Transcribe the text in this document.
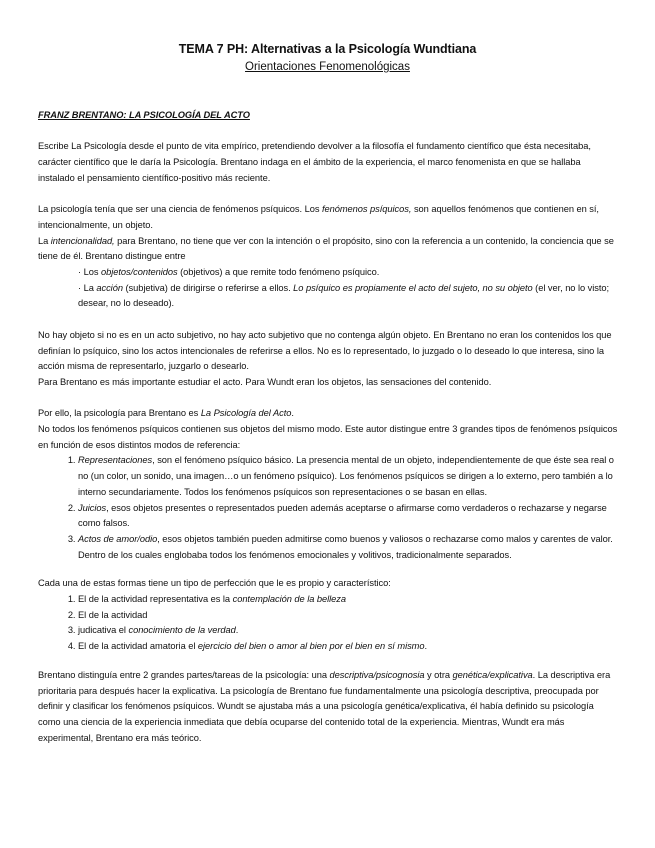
TEMA 7 PH: Alternativas a la Psicología Wundtiana
Orientaciones Fenomenológicas

FRANZ BRENTANO: LA PSICOLOGÍA DEL ACTO

Escribe La Psicología desde el punto de vita empírico, pretendiendo devolver a la filosofía el fundamento científico que ésta necesitaba, carácter científico que le daría la Psicología. Brentano indaga en el ámbito de la experiencia, el marco fenomenista en que se hallaba instalado el pensamiento científico-positivo más reciente.

La psicología tenía que ser una ciencia de fenómenos psíquicos. Los fenómenos psíquicos, son aquellos fenómenos que contienen en sí, intencionalmente, un objeto.

La intencionalidad, para Brentano, no tiene que ver con la intención o el propósito, sino con la referencia a un contenido, la conciencia que se tiene de él. Brentano distingue entre

· Los objetos/contenidos (objetivos) a que remite todo fenómeno psíquico.

· La acción (subjetiva) de dirigirse o referirse a ellos. Lo psíquico es propiamente el acto del sujeto, no su objeto (el ver, no lo visto; desear, no lo deseado).

No hay objeto si no es en un acto subjetivo, no hay acto subjetivo que no contenga algún objeto. En Brentano no eran los contenidos los que definían lo psíquico, sino los actos intencionales de referirse a ellos. No es lo representado, lo juzgado o lo deseado lo que interesa, sino la acción misma de representarlo, juzgarlo o desearlo.

Para Brentano es más importante estudiar el acto. Para Wundt eran los objetos, las sensaciones del contenido.

Por ello, la psicología para Brentano es La Psicología del Acto.

No todos los fenómenos psíquicos contienen sus objetos del mismo modo. Este autor distingue entre 3 grandes tipos de fenómenos psíquicos en función de esos distintos modos de referencia:

1. Representaciones, son el fenómeno psíquico básico. La presencia mental de un objeto, independientemente de que éste sea real o no (un color, un sonido, una imagen…o un fenómeno psíquico). Los fenómenos psíquicos se dirigen a lo externo, pero también a lo interno secundariamente. Todos los fenómenos psíquicos son representaciones o se basan en ellas.
2. Juicios, esos objetos presentes o representados pueden además aceptarse o afirmarse como verdaderos o rechazarse y negarse como falsos.
3. Actos de amor/odio, esos objetos también pueden admitirse como buenos y valiosos o rechazarse como malos y carentes de valor. Dentro de los cuales englobaba todos los fenómenos emocionales y volitivos, tradicionalmente separados.

Cada una de estas formas tiene un tipo de perfección que le es propio y característico:

1. El de la actividad representativa es la contemplación de la belleza
2. El de la actividad
3. judicativa el conocimiento de la verdad.
4. El de la actividad amatoria el ejercicio del bien o amor al bien por el bien en sí mismo.

Brentano distinguía entre 2 grandes partes/tareas de la psicología: una descriptiva/psicognosia y otra genética/explicativa. La descriptiva era prioritaria para después hacer la explicativa. La psicología de Brentano fue fundamentalmente una psicología descriptiva, preocupada por definir y clasificar los fenómenos psíquicos. Wundt se ajustaba más a una psicología genética/explicativa, él había definido su psicología como una ciencia de la experiencia inmediata que debía ocuparse del contenido total de la experiencia. Mientras, Wundt era más experimental, Brentano era más teórico.
